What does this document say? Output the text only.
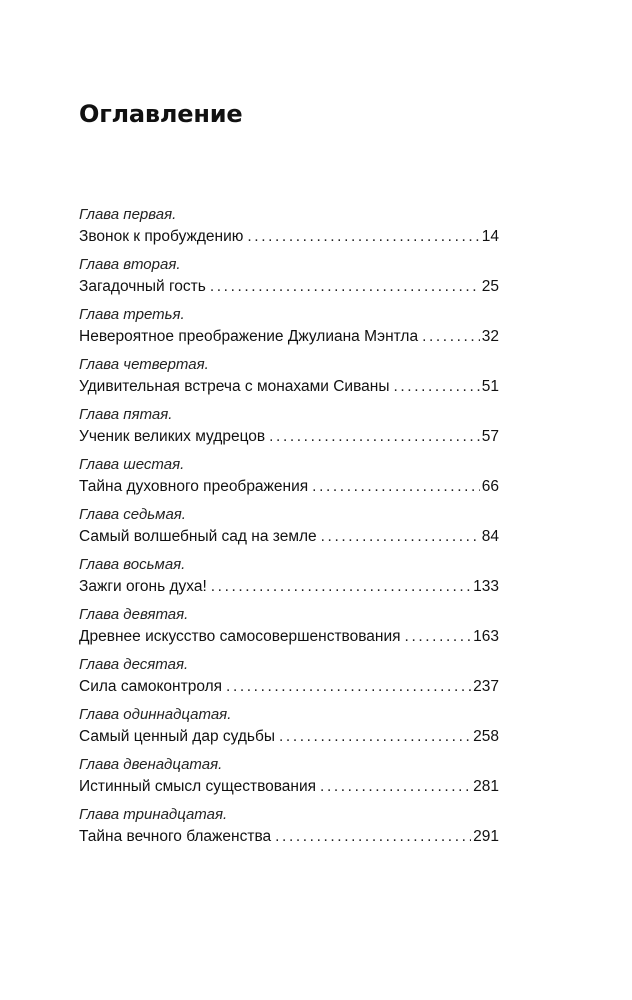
Оглавление
Глава первая.
Звонок к пробуждению .....	14
Глава вторая.
Загадочный гость .....	25
Глава третья.
Невероятное преображение Джулиана Мэнтла .....	32
Глава четвертая.
Удивительная встреча с монахами Сиваны .....	51
Глава пятая.
Ученик великих мудрецов .....	57
Глава шестая.
Тайна духовного преображения .....	66
Глава седьмая.
Самый волшебный сад на земле .....	84
Глава восьмая.
Зажги огонь духа! .....	133
Глава девятая.
Древнее искусство самосовершенствования .....	163
Глава десятая.
Сила самоконтроля .....	237
Глава одиннадцатая.
Самый ценный дар судьбы .....	258
Глава двенадцатая.
Истинный смысл существования .....	281
Глава тринадцатая.
Тайна вечного блаженства .....	291
